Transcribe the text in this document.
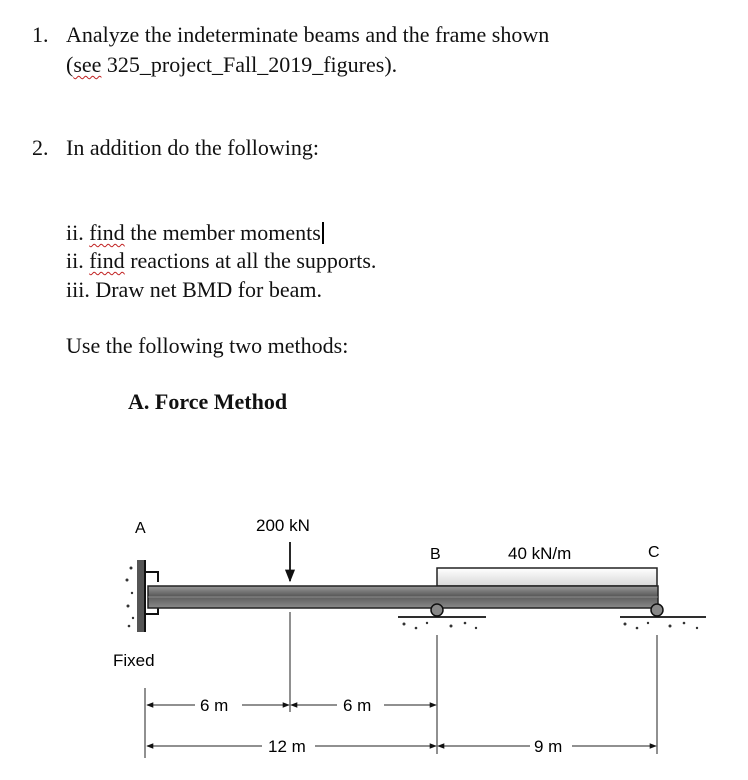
1. Analyze the indeterminate beams and the frame shown
(see 325_project_Fall_2019_figures).
2. In addition do the following:
ii. find the member moments
ii. find reactions at all the supports.
iii. Draw net BMD for beam.
Use the following two methods:
A. Force Method
A	200 kN
B	40 kN/m	C
Fixed
6 m	6 m
12 m	9 m
